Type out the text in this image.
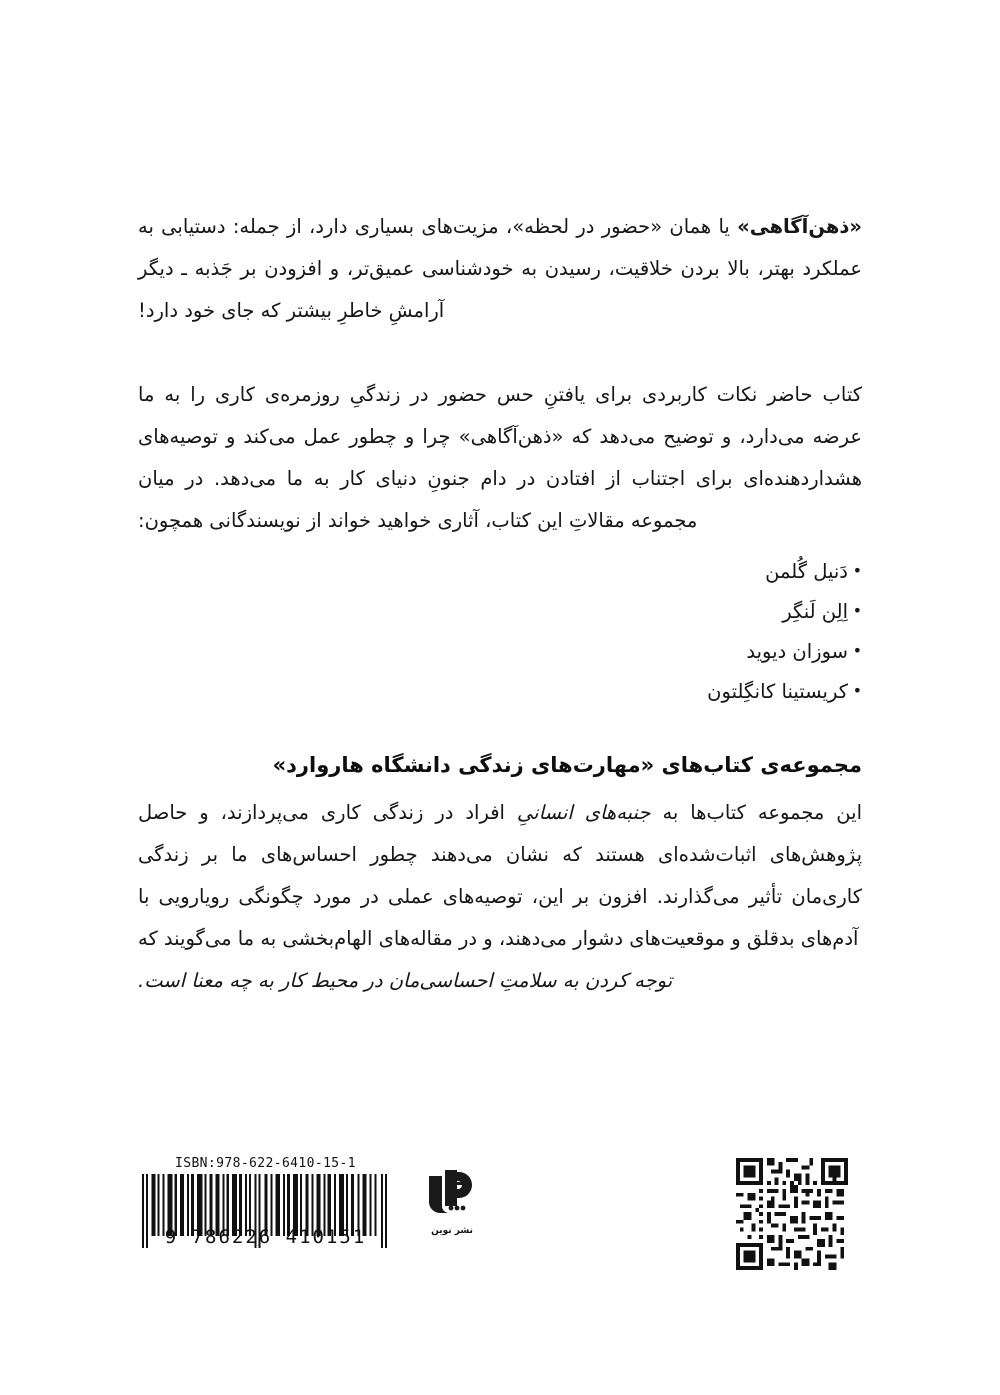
«ذهن‌آگاهی» یا همان «حضور در لحظه»، مزیت‌های بسیاری دارد، از جمله: دستیابی به عملکرد بهتر، بالا بردن خلاقیت، رسیدن به خودشناسی عمیق‌تر، و افزودن بر جَذبه ـ دیگر آرامشِ خاطرِ بیشتر که جای خود دارد!

کتاب حاضر نکات کاربردی برای یافتنِ حس حضور در زندگیِ روزمره‌ی کاری را به ما عرضه می‌دارد، و توضیح می‌دهد که «ذهن‌آگاهی» چرا و چطور عمل می‌کند و توصیه‌های هشداردهنده‌ای برای اجتناب از افتادن در دام جنونِ دنیای کار به ما می‌دهد. در میان مجموعه مقالاتِ این کتاب، آثاری خواهید خواند از نویسندگانی همچون:

• دَنیل گُلمن
• اِلِن لَنگِر
• سوزان دیوید
• کریستینا کانگِلتون
مجموعه‌ی کتاب‌های «مهارت‌های زندگی دانشگاه هاروارد»

این مجموعه کتاب‌ها به جنبه‌های انسانیِ افراد در زندگی کاری می‌پردازند، و حاصل پژوهش‌های اثبات‌شده‌ای هستند که نشان می‌دهند چطور احساس‌های ما بر زندگی کاری‌مان تأثیر می‌گذارند. افزون بر این، توصیه‌های عملی در مورد چگونگی رویارویی با آدم‌های بدقلق و موقعیت‌های دشوار می‌دهند، و در مقاله‌های الهام‌بخشی به ما می‌گویند که

توجه کردن به سلامتِ احساسی‌مان در محیط کار به چه معنا است.

نشر نوین
ISBN:978-622-6410-15-1
9 786226 410151
